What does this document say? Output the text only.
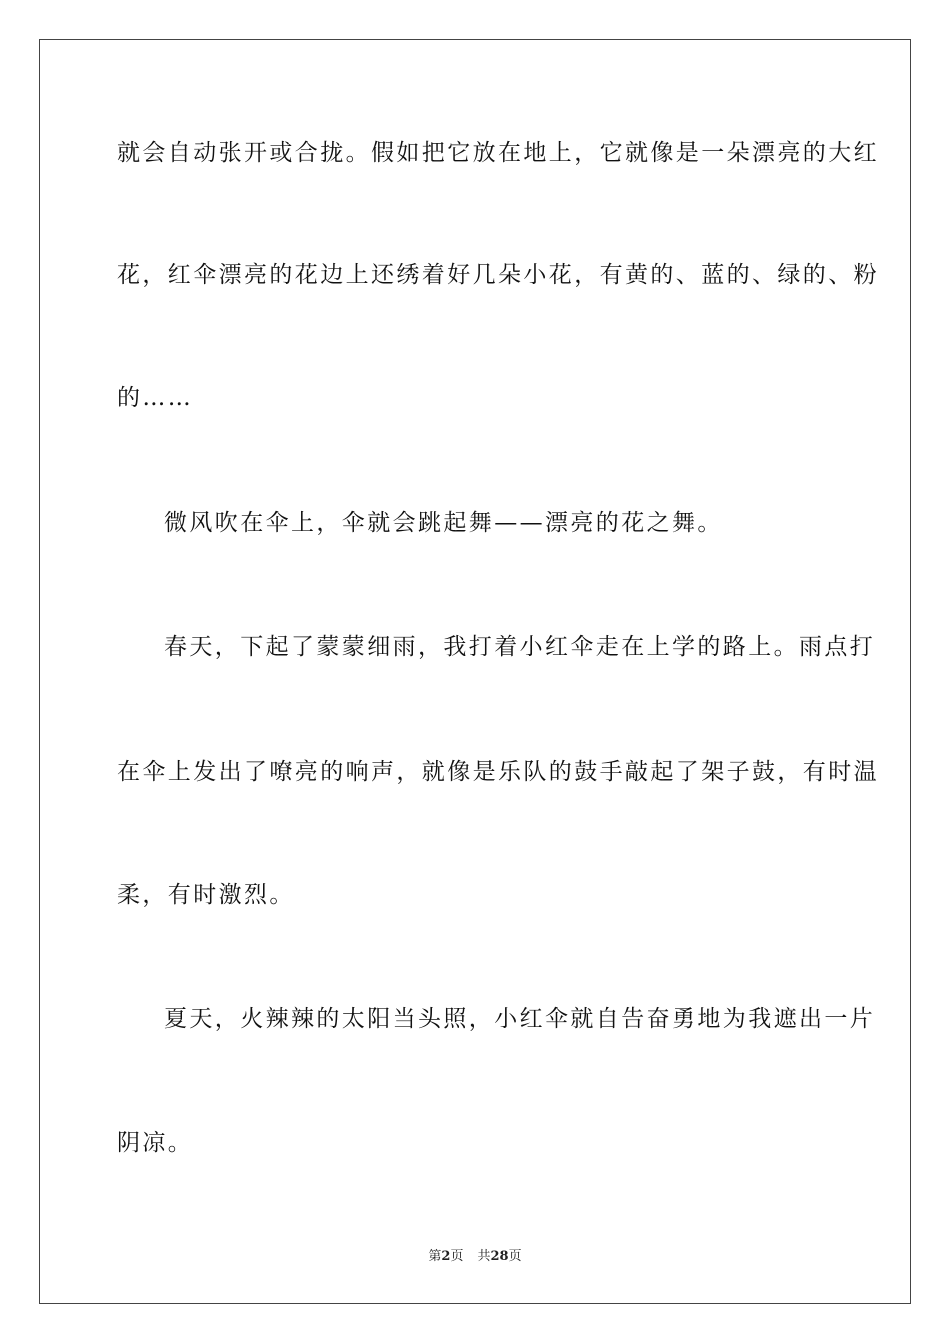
就会自动张开或合拢。假如把它放在地上，它就像是一朵漂亮的大红
花，红伞漂亮的花边上还绣着好几朵小花，有黄的、蓝的、绿的、粉
的……
微风吹在伞上，伞就会跳起舞——漂亮的花之舞。
春天，下起了蒙蒙细雨，我打着小红伞走在上学的路上。雨点打
在伞上发出了嘹亮的响声，就像是乐队的鼓手敲起了架子鼓，有时温
柔，有时激烈。
夏天，火辣辣的太阳当头照，小红伞就自告奋勇地为我遮出一片
阴凉。
第2页 共28页
